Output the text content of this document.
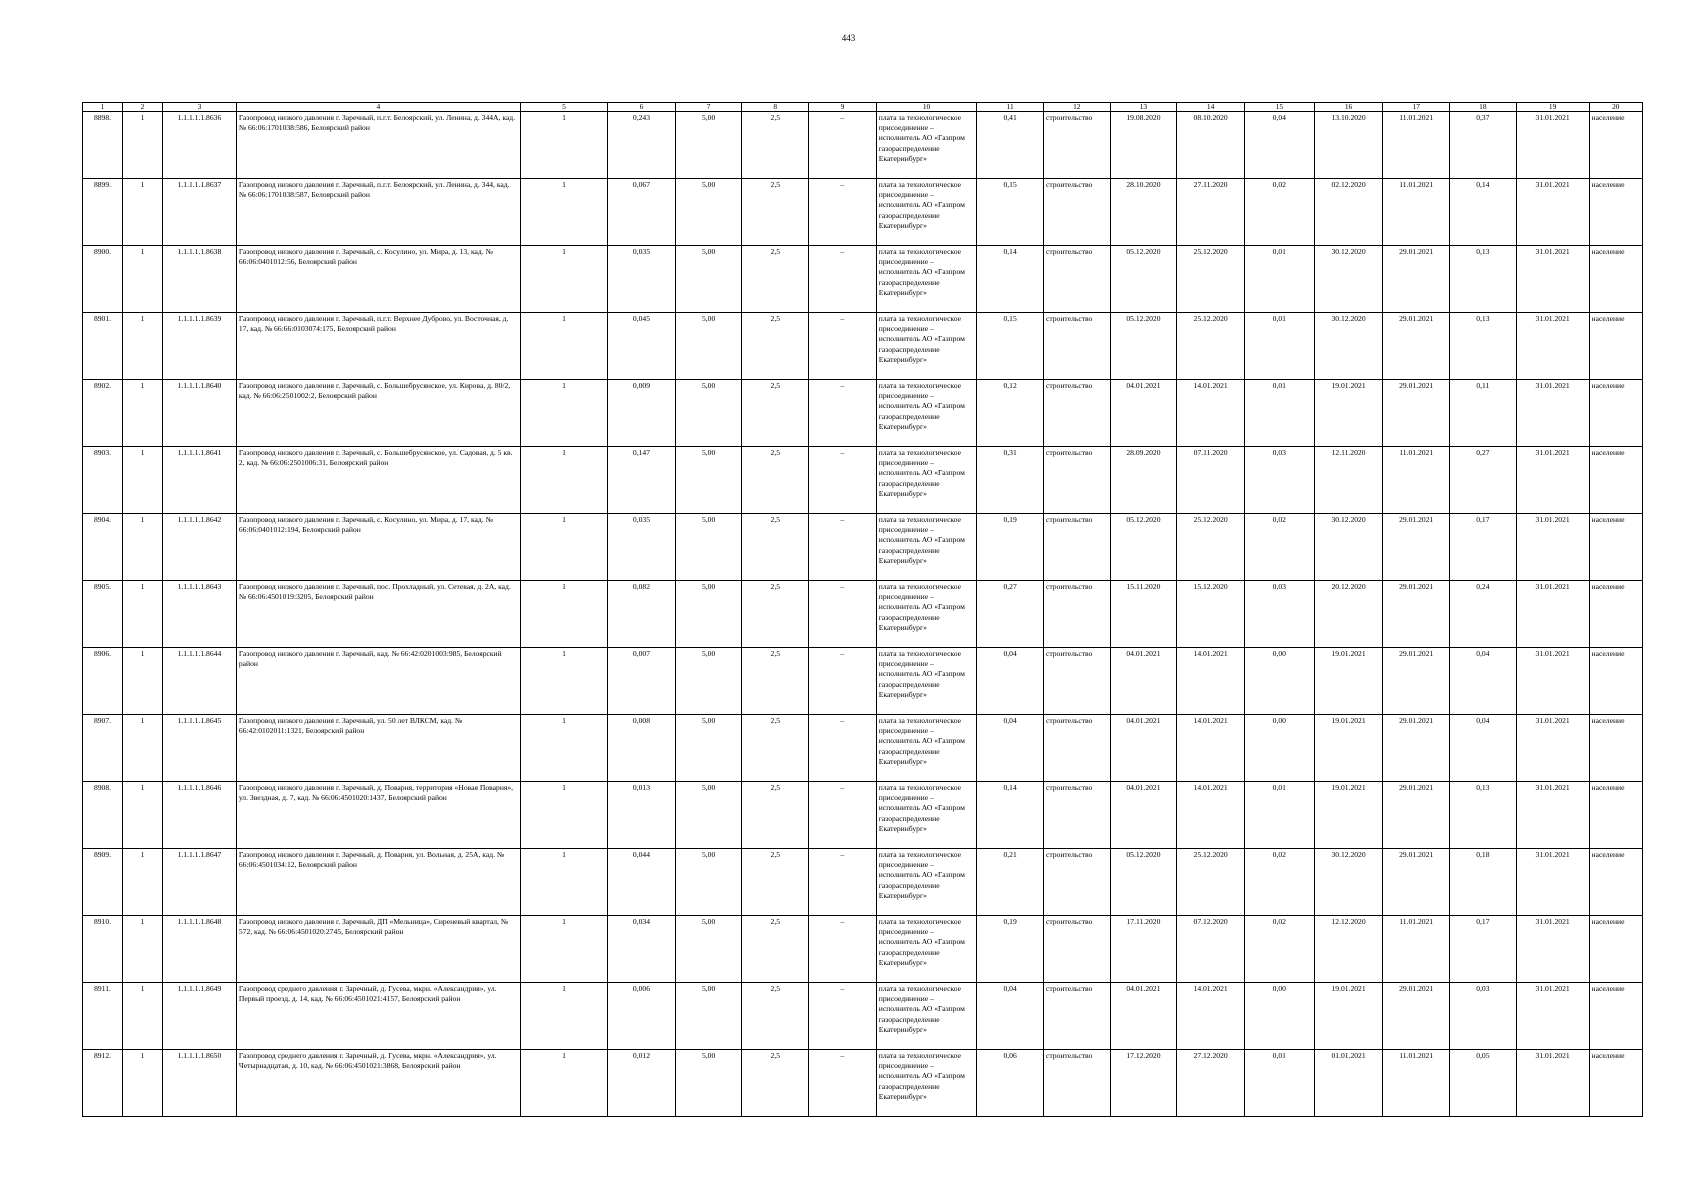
443
1	2	3	4	5	6	7	8	9	10	11	12	13	14	15	16	17	18	19	20
8898.	1	1.1.1.1.1.8636	Газопровод низкого давления г. Заречный, п.г.т. Белоярский, ул. Ленина, д. 344А, кад. № 66:06:1701038:586, Белоярский район	1	0,243	5,00	2,5	–	плата за технологическое присоединение – исполнитель АО «Газпром газораспределение Екатеринбург»	0,41	строительство	19.08.2020	08.10.2020	0,04	13.10.2020	11.01.2021	0,37	31.01.2021	население
8899.	1	1.1.1.1.1.8637	Газопровод низкого давления г. Заречный, п.г.т. Белоярский, ул. Ленина, д. 344, кад. № 66:06:1701038:587, Белоярский район	1	0,067	5,00	2,5	–	плата за технологическое присоединение – исполнитель АО «Газпром газораспределение Екатеринбург»	0,15	строительство	28.10.2020	27.11.2020	0,02	02.12.2020	11.01.2021	0,14	31.01.2021	население
8900.	1	1.1.1.1.1.8638	Газопровод низкого давления г. Заречный, с. Косулино, ул. Мира, д. 13, кад. № 66:06:0401012:56, Белоярский район	1	0,035	5,00	2,5	–	плата за технологическое присоединение – исполнитель АО «Газпром газораспределение Екатеринбург»	0,14	строительство	05.12.2020	25.12.2020	0,01	30.12.2020	29.01.2021	0,13	31.01.2021	население
8901.	1	1.1.1.1.1.8639	Газопровод низкого давления г. Заречный, п.г.т. Верхнее Дуброво, ул. Восточная, д. 17, кад. № 66:66:0103074:175, Белоярский район	1	0,045	5,00	2,5	–	плата за технологическое присоединение – исполнитель АО «Газпром газораспределение Екатеринбург»	0,15	строительство	05.12.2020	25.12.2020	0,01	30.12.2020	29.01.2021	0,13	31.01.2021	население
8902.	1	1.1.1.1.1.8640	Газопровод низкого давления г. Заречный, с. Большебрусянское, ул. Кирова, д. 80/2, кад. № 66:06:2501002:2, Белоярский район	1	0,009	5,00	2,5	–	плата за технологическое присоединение – исполнитель АО «Газпром газораспределение Екатеринбург»	0,12	строительство	04.01.2021	14.01.2021	0,01	19.01.2021	29.01.2021	0,11	31.01.2021	население
8903.	1	1.1.1.1.1.8641	Газопровод низкого давления г. Заречный, с. Большебрусянское, ул. Садовая, д. 5 кв. 2, кад. № 66:06:2501006:31, Белоярский район	1	0,147	5,00	2,5	–	плата за технологическое присоединение – исполнитель АО «Газпром газораспределение Екатеринбург»	0,31	строительство	28.09.2020	07.11.2020	0,03	12.11.2020	11.01.2021	0,27	31.01.2021	население
8904.	1	1.1.1.1.1.8642	Газопровод низкого давления г. Заречный, с. Косулино, ул. Мира, д. 17, кад. № 66:06:0401012:194, Белоярский район	1	0,035	5,00	2,5	–	плата за технологическое присоединение – исполнитель АО «Газпром газораспределение Екатеринбург»	0,19	строительство	05.12.2020	25.12.2020	0,02	30.12.2020	29.01.2021	0,17	31.01.2021	население
8905.	1	1.1.1.1.1.8643	Газопровод низкого давления г. Заречный, пос. Прохладный, ул. Сетевая, д. 2А, кад. № 66:06:4501019:3205, Белоярский район	1	0,082	5,00	2,5	–	плата за технологическое присоединение – исполнитель АО «Газпром газораспределение Екатеринбург»	0,27	строительство	15.11.2020	15.12.2020	0,03	20.12.2020	29.01.2021	0,24	31.01.2021	население
8906.	1	1.1.1.1.1.8644	Газопровод низкого давления г. Заречный, кад. № 66:42:0201003:985, Белоярский район	1	0,007	5,00	2,5	–	плата за технологическое присоединение – исполнитель АО «Газпром газораспределение Екатеринбург»	0,04	строительство	04.01.2021	14.01.2021	0,00	19.01.2021	29.01.2021	0,04	31.01.2021	население
8907.	1	1.1.1.1.1.8645	Газопровод низкого давления г. Заречный, ул. 50 лет ВЛКСМ, кад. № 66:42:0102011:1321, Белоярский район	1	0,008	5,00	2,5	–	плата за технологическое присоединение – исполнитель АО «Газпром газораспределение Екатеринбург»	0,04	строительство	04.01.2021	14.01.2021	0,00	19.01.2021	29.01.2021	0,04	31.01.2021	население
8908.	1	1.1.1.1.1.8646	Газопровод низкого давления г. Заречный, д. Поварня, территория «Новая Поварня», ул. Звездная, д. 7, кад. № 66:06:4501020:1437, Белоярский район	1	0,013	5,00	2,5	–	плата за технологическое присоединение – исполнитель АО «Газпром газораспределение Екатеринбург»	0,14	строительство	04.01.2021	14.01.2021	0,01	19.01.2021	29.01.2021	0,13	31.01.2021	население
8909.	1	1.1.1.1.1.8647	Газопровод низкого давления г. Заречный, д. Поварня, ул. Вольная, д. 25А, кад. № 66:06:4501034:12, Белоярский район	1	0,044	5,00	2,5	–	плата за технологическое присоединение – исполнитель АО «Газпром газораспределение Екатеринбург»	0,21	строительство	05.12.2020	25.12.2020	0,02	30.12.2020	29.01.2021	0,18	31.01.2021	население
8910.	1	1.1.1.1.1.8648	Газопровод низкого давления г. Заречный, ДП «Мельница», Сиреневый квартал, № 572, кад. № 66:06:4501020:2745, Белоярский район	1	0,034	5,00	2,5	–	плата за технологическое присоединение – исполнитель АО «Газпром газораспределение Екатеринбург»	0,19	строительство	17.11.2020	07.12.2020	0,02	12.12.2020	11.01.2021	0,17	31.01.2021	население
8911.	1	1.1.1.1.1.8649	Газопровод среднего давления г. Заречный, д. Гусева, мкрн. «Александрия», ул. Первый проезд, д. 14, кад. № 66:06:4501021:4157, Белоярский район	1	0,006	5,00	2,5	–	плата за технологическое присоединение – исполнитель АО «Газпром газораспределение Екатеринбург»	0,04	строительство	04.01.2021	14.01.2021	0,00	19.01.2021	29.01.2021	0,03	31.01.2021	население
8912.	1	1.1.1.1.1.8650	Газопровод среднего давления г. Заречный, д. Гусева, мкрн. «Александрия», ул. Четырнадцатая, д. 10, кад. № 66:06:4501021:3868, Белоярский район	1	0,012	5,00	2,5	–	плата за технологическое присоединение – исполнитель АО «Газпром газораспределение Екатеринбург»	0,06	строительство	17.12.2020	27.12.2020	0,01	01.01.2021	11.01.2021	0,05	31.01.2021	население
